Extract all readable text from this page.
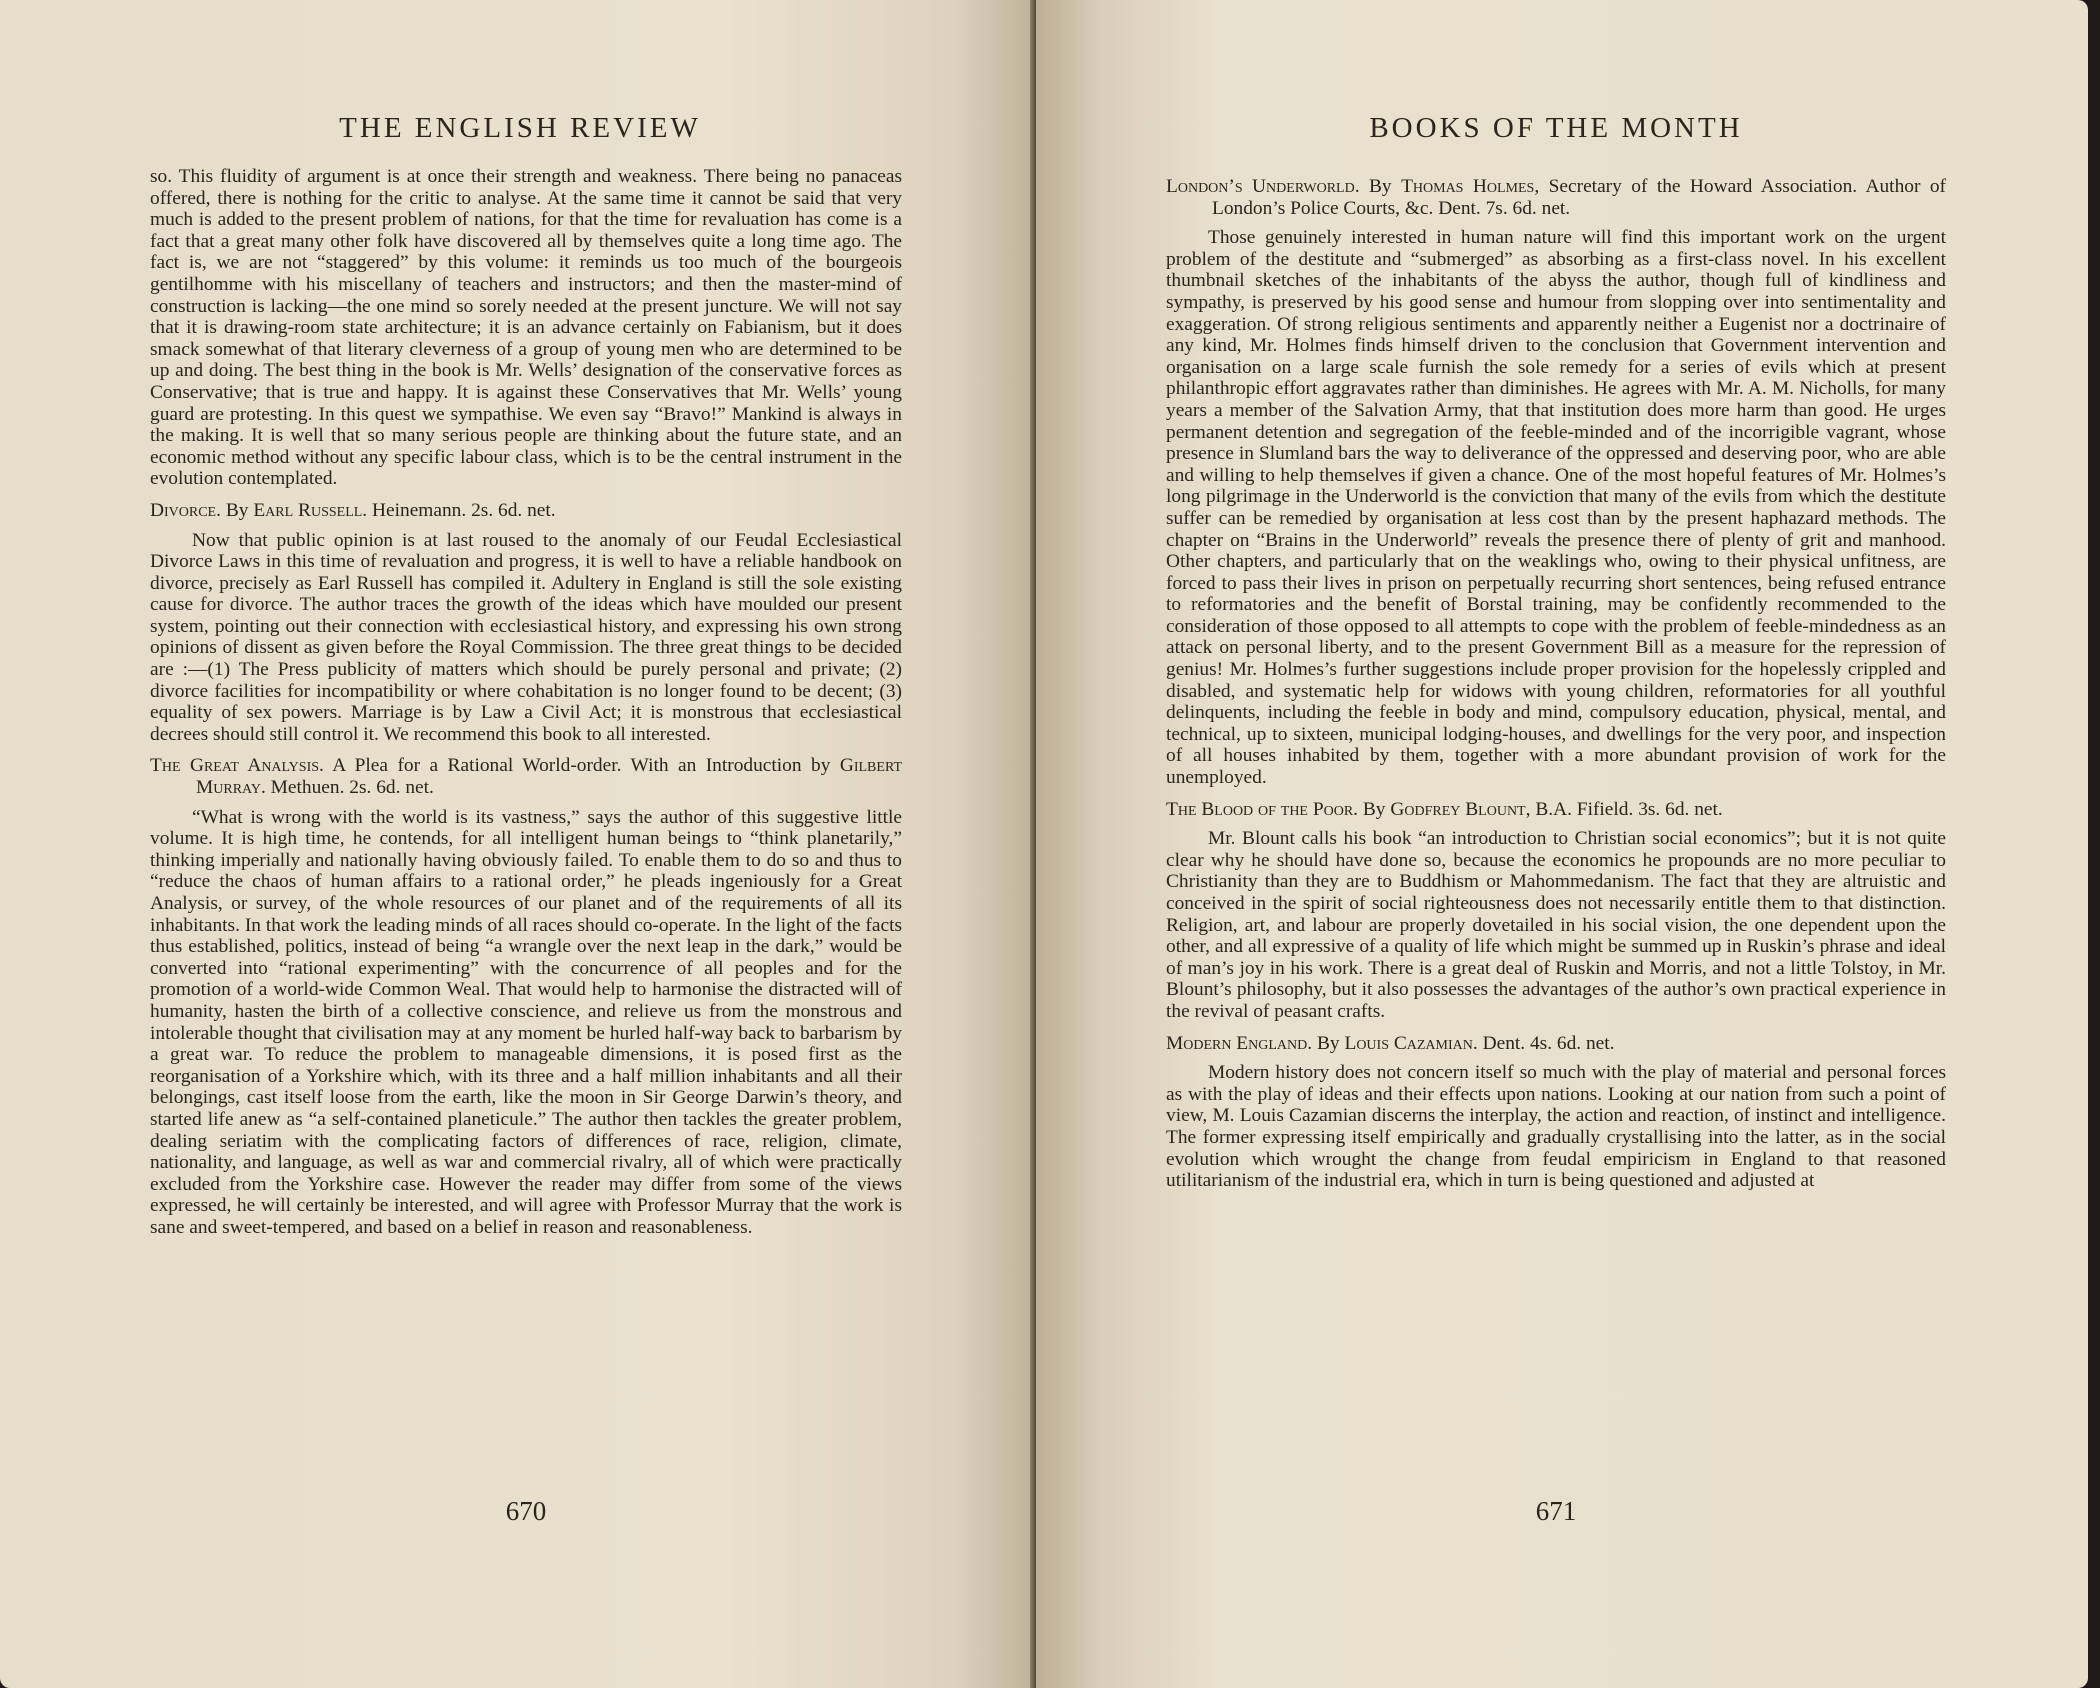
THE ENGLISH REVIEW

so. This fluidity of argument is at once their strength and weakness. There being no panaceas offered, there is nothing for the critic to analyse. At the same time it cannot be said that very much is added to the present problem of nations, for that the time for revaluation has come is a fact that a great many other folk have discovered all by themselves quite a long time ago. The fact is, we are not “staggered” by this volume: it reminds us too much of the bourgeois gentilhomme with his miscellany of teachers and instructors; and then the master-mind of construction is lacking—the one mind so sorely needed at the present juncture. We will not say that it is drawing-room state architecture; it is an advance certainly on Fabianism, but it does smack somewhat of that literary cleverness of a group of young men who are determined to be up and doing. The best thing in the book is Mr. Wells’ designation of the conservative forces as Conservative; that is true and happy. It is against these Conservatives that Mr. Wells’ young guard are protesting. In this quest we sympathise. We even say “Bravo!” Mankind is always in the making. It is well that so many serious people are thinking about the future state, and an economic method without any specific labour class, which is to be the central instrument in the evolution contemplated.

Divorce. By Earl Russell. Heinemann. 2s. 6d. net.

Now that public opinion is at last roused to the anomaly of our Feudal Ecclesiastical Divorce Laws in this time of revaluation and progress, it is well to have a reliable handbook on divorce, precisely as Earl Russell has compiled it. Adultery in England is still the sole existing cause for divorce. The author traces the growth of the ideas which have moulded our present system, pointing out their connection with ecclesiastical history, and expressing his own strong opinions of dissent as given before the Royal Commission. The three great things to be decided are :—(1) The Press publicity of matters which should be purely personal and private; (2) divorce facilities for incompatibility or where cohabitation is no longer found to be decent; (3) equality of sex powers. Marriage is by Law a Civil Act; it is monstrous that ecclesiastical decrees should still control it. We recommend this book to all interested.

The Great Analysis. A Plea for a Rational World-order. With an Introduction by Gilbert Murray. Methuen. 2s. 6d. net.

“What is wrong with the world is its vastness,” says the author of this suggestive little volume. It is high time, he contends, for all intelligent human beings to “think planetarily,” thinking imperially and nationally having obviously failed. To enable them to do so and thus to “reduce the chaos of human affairs to a rational order,” he pleads ingeniously for a Great Analysis, or survey, of the whole resources of our planet and of the requirements of all its inhabitants. In that work the leading minds of all races should co-operate. In the light of the facts thus established, politics, instead of being “a wrangle over the next leap in the dark,” would be converted into “rational experimenting” with the concurrence of all peoples and for the promotion of a world-wide Common Weal. That would help to harmonise the distracted will of humanity, hasten the birth of a collective conscience, and relieve us from the monstrous and intolerable thought that civilisation may at any moment be hurled half-way back to barbarism by a great war. To reduce the problem to manageable dimensions, it is posed first as the reorganisation of a Yorkshire which, with its three and a half million inhabitants and all their belongings, cast itself loose from the earth, like the moon in Sir George Darwin’s theory, and started life anew as “a self-contained planeticule.” The author then tackles the greater problem, dealing seriatim with the complicating factors of differences of race, religion, climate, nationality, and language, as well as war and commercial rivalry, all of which were practically excluded from the Yorkshire case. However the reader may differ from some of the views expressed, he will certainly be interested, and will agree with Professor Murray that the work is sane and sweet-tempered, and based on a belief in reason and reasonableness.

670

BOOKS OF THE MONTH
London’s Underworld. By Thomas Holmes, Secretary of the Howard Association. Author of London’s Police Courts, &c. Dent. 7s. 6d. net.

Those genuinely interested in human nature will find this important work on the urgent problem of the destitute and “submerged” as absorbing as a first-class novel. In his excellent thumbnail sketches of the inhabitants of the abyss the author, though full of kindliness and sympathy, is preserved by his good sense and humour from slopping over into sentimentality and exaggeration. Of strong religious sentiments and apparently neither a Eugenist nor a doctrinaire of any kind, Mr. Holmes finds himself driven to the conclusion that Government intervention and organisation on a large scale furnish the sole remedy for a series of evils which at present philanthropic effort aggravates rather than diminishes. He agrees with Mr. A. M. Nicholls, for many years a member of the Salvation Army, that that institution does more harm than good. He urges permanent detention and segregation of the feeble-minded and of the incorrigible vagrant, whose presence in Slumland bars the way to deliverance of the oppressed and deserving poor, who are able and willing to help themselves if given a chance. One of the most hopeful features of Mr. Holmes’s long pilgrimage in the Underworld is the conviction that many of the evils from which the destitute suffer can be remedied by organisation at less cost than by the present haphazard methods. The chapter on “Brains in the Underworld” reveals the presence there of plenty of grit and manhood. Other chapters, and particularly that on the weaklings who, owing to their physical unfitness, are forced to pass their lives in prison on perpetually recurring short sentences, being refused entrance to reformatories and the benefit of Borstal training, may be confidently recommended to the consideration of those opposed to all attempts to cope with the problem of feeble-mindedness as an attack on personal liberty, and to the present Government Bill as a measure for the repression of genius! Mr. Holmes’s further suggestions include proper provision for the hopelessly crippled and disabled, and systematic help for widows with young children, reformatories for all youthful delinquents, including the feeble in body and mind, compulsory education, physical, mental, and technical, up to sixteen, municipal lodging-houses, and dwellings for the very poor, and inspection of all houses inhabited by them, together with a more abundant provision of work for the unemployed.

The Blood of the Poor. By Godfrey Blount, B.A. Fifield. 3s. 6d. net.

Mr. Blount calls his book “an introduction to Christian social economics”; but it is not quite clear why he should have done so, because the economics he propounds are no more peculiar to Christianity than they are to Buddhism or Mahommedanism. The fact that they are altruistic and conceived in the spirit of social righteousness does not necessarily entitle them to that distinction. Religion, art, and labour are properly dovetailed in his social vision, the one dependent upon the other, and all expressive of a quality of life which might be summed up in Ruskin’s phrase and ideal of man’s joy in his work. There is a great deal of Ruskin and Morris, and not a little Tolstoy, in Mr. Blount’s philosophy, but it also possesses the advantages of the author’s own practical experience in the revival of peasant crafts.

Modern England. By Louis Cazamian. Dent. 4s. 6d. net.

Modern history does not concern itself so much with the play of material and personal forces as with the play of ideas and their effects upon nations. Looking at our nation from such a point of view, M. Louis Cazamian discerns the interplay, the action and reaction, of instinct and intelligence. The former expressing itself empirically and gradually crystallising into the latter, as in the social evolution which wrought the change from feudal empiricism in England to that reasoned utilitarianism of the industrial era, which in turn is being questioned and adjusted at

671
